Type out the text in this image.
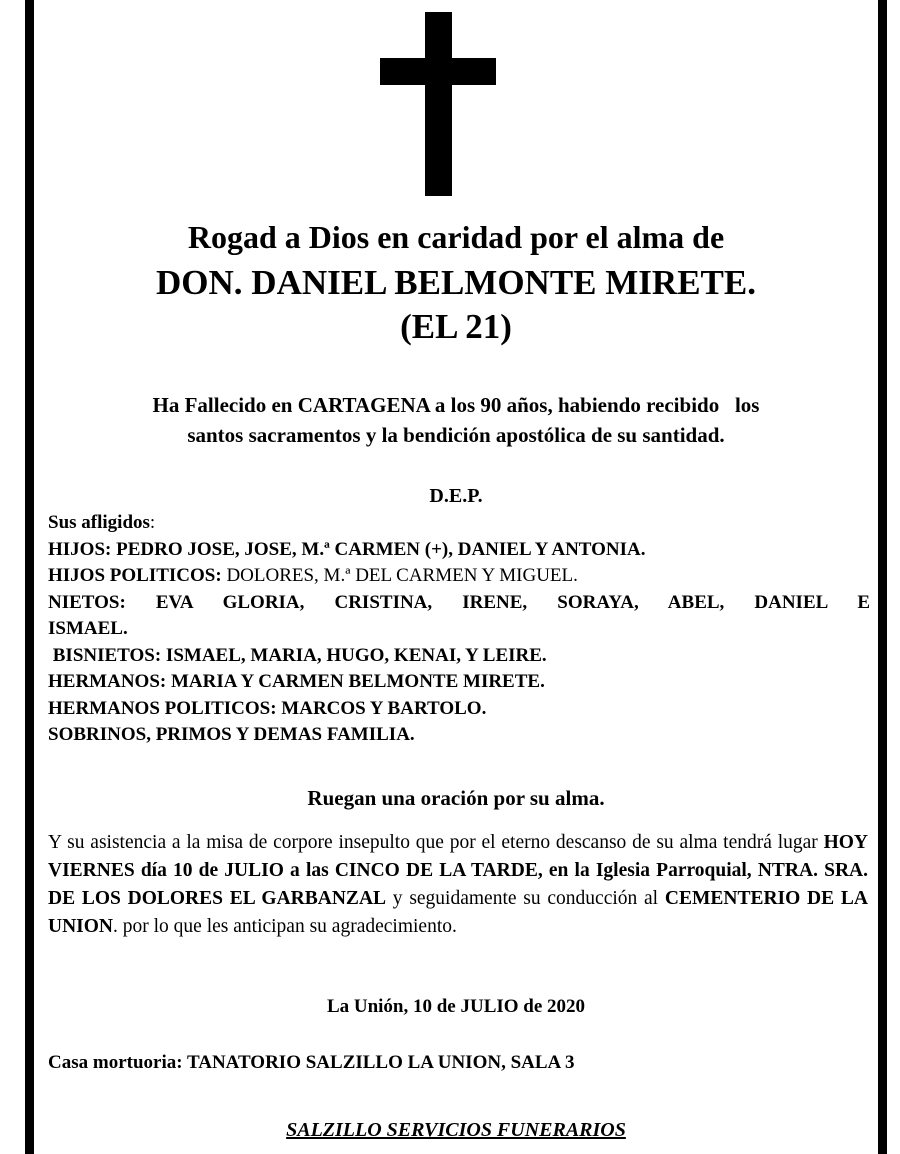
Rogad a Dios en caridad por el alma de
DON. DANIEL BELMONTE MIRETE.
(EL 21)
Ha Fallecido en CARTAGENA a los 90 años, habiendo recibido   los
santos sacramentos y la bendición apostólica de su santidad.
D.E.P.
Sus afligidos:
HIJOS: PEDRO JOSE, JOSE, M.ª CARMEN (+), DANIEL Y ANTONIA.
HIJOS POLITICOS: DOLORES, M.ª DEL CARMEN Y MIGUEL.
NIETOS: EVA GLORIA, CRISTINA, IRENE, SORAYA, ABEL, DANIEL E
ISMAEL.
BISNIETOS: ISMAEL, MARIA, HUGO, KENAI, Y LEIRE.
HERMANOS: MARIA Y CARMEN BELMONTE MIRETE.
HERMANOS POLITICOS: MARCOS Y BARTOLO.
SOBRINOS, PRIMOS Y DEMAS FAMILIA.
Ruegan una oración por su alma.
Y su asistencia a la misa de corpore insepulto que por el eterno descanso de su alma tendrá lugar HOY VIERNES día 10 de JULIO a las CINCO DE LA TARDE, en la Iglesia Parroquial, NTRA. SRA. DE LOS DOLORES EL GARBANZAL y seguidamente su conducción al CEMENTERIO DE LA UNION. por lo que les anticipan su agradecimiento.
La Unión, 10 de JULIO de 2020
Casa mortuoria: TANATORIO SALZILLO LA UNION, SALA 3
SALZILLO SERVICIOS FUNERARIOS
